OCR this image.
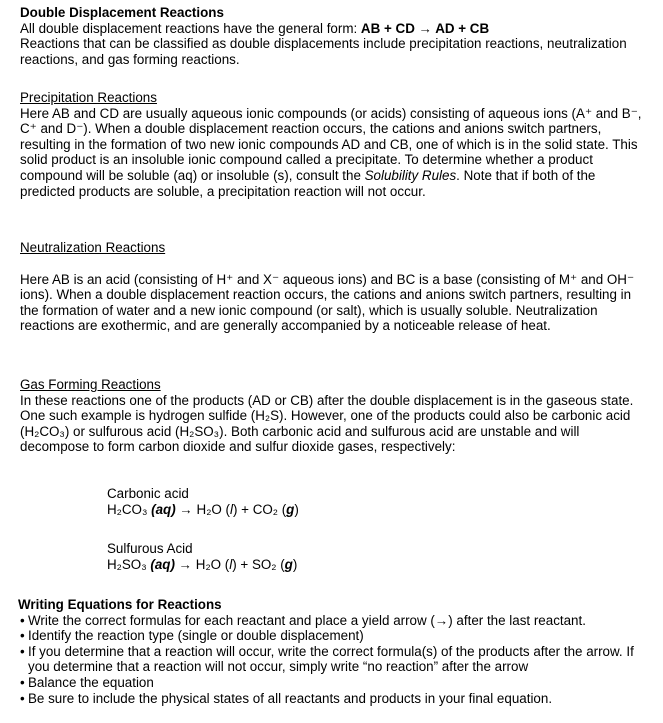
Double Displacement Reactions

All double displacement reactions have the general form: AB + CD → AD + CB

Reactions that can be classified as double displacements include precipitation reactions, neutralization reactions, and gas forming reactions.

Precipitation Reactions

Here AB and CD are usually aqueous ionic compounds (or acids) consisting of aqueous ions (A⁺ and B⁻, C⁺ and D⁻). When a double displacement reaction occurs, the cations and anions switch partners, resulting in the formation of two new ionic compounds AD and CB, one of which is in the solid state. This solid product is an insoluble ionic compound called a precipitate. To determine whether a product compound will be soluble (aq) or insoluble (s), consult the Solubility Rules. Note that if both of the predicted products are soluble, a precipitation reaction will not occur.

Neutralization Reactions

Here AB is an acid (consisting of H⁺ and X⁻ aqueous ions) and BC is a base (consisting of M⁺ and OH⁻ ions). When a double displacement reaction occurs, the cations and anions switch partners, resulting in the formation of water and a new ionic compound (or salt), which is usually soluble. Neutralization reactions are exothermic, and are generally accompanied by a noticeable release of heat.

Gas Forming Reactions

In these reactions one of the products (AD or CB) after the double displacement is in the gaseous state. One such example is hydrogen sulfide (H₂S). However, one of the products could also be carbonic acid (H₂CO₃) or sulfurous acid (H₂SO₃). Both carbonic acid and sulfurous acid are unstable and will decompose to form carbon dioxide and sulfur dioxide gases, respectively:

Carbonic acid
H₂CO₃ (aq) → H₂O (l) + CO₂ (g)
Sulfurous Acid
H₂SO₃ (aq) → H₂O (l) + SO₂ (g)
Writing Equations for Reactions
• Write the correct formulas for each reactant and place a yield arrow (→) after the last reactant.
• Identify the reaction type (single or double displacement)
• If you determine that a reaction will occur, write the correct formula(s) of the products after the arrow. If you determine that a reaction will not occur, simply write “no reaction” after the arrow
• Balance the equation
• Be sure to include the physical states of all reactants and products in your final equation.
